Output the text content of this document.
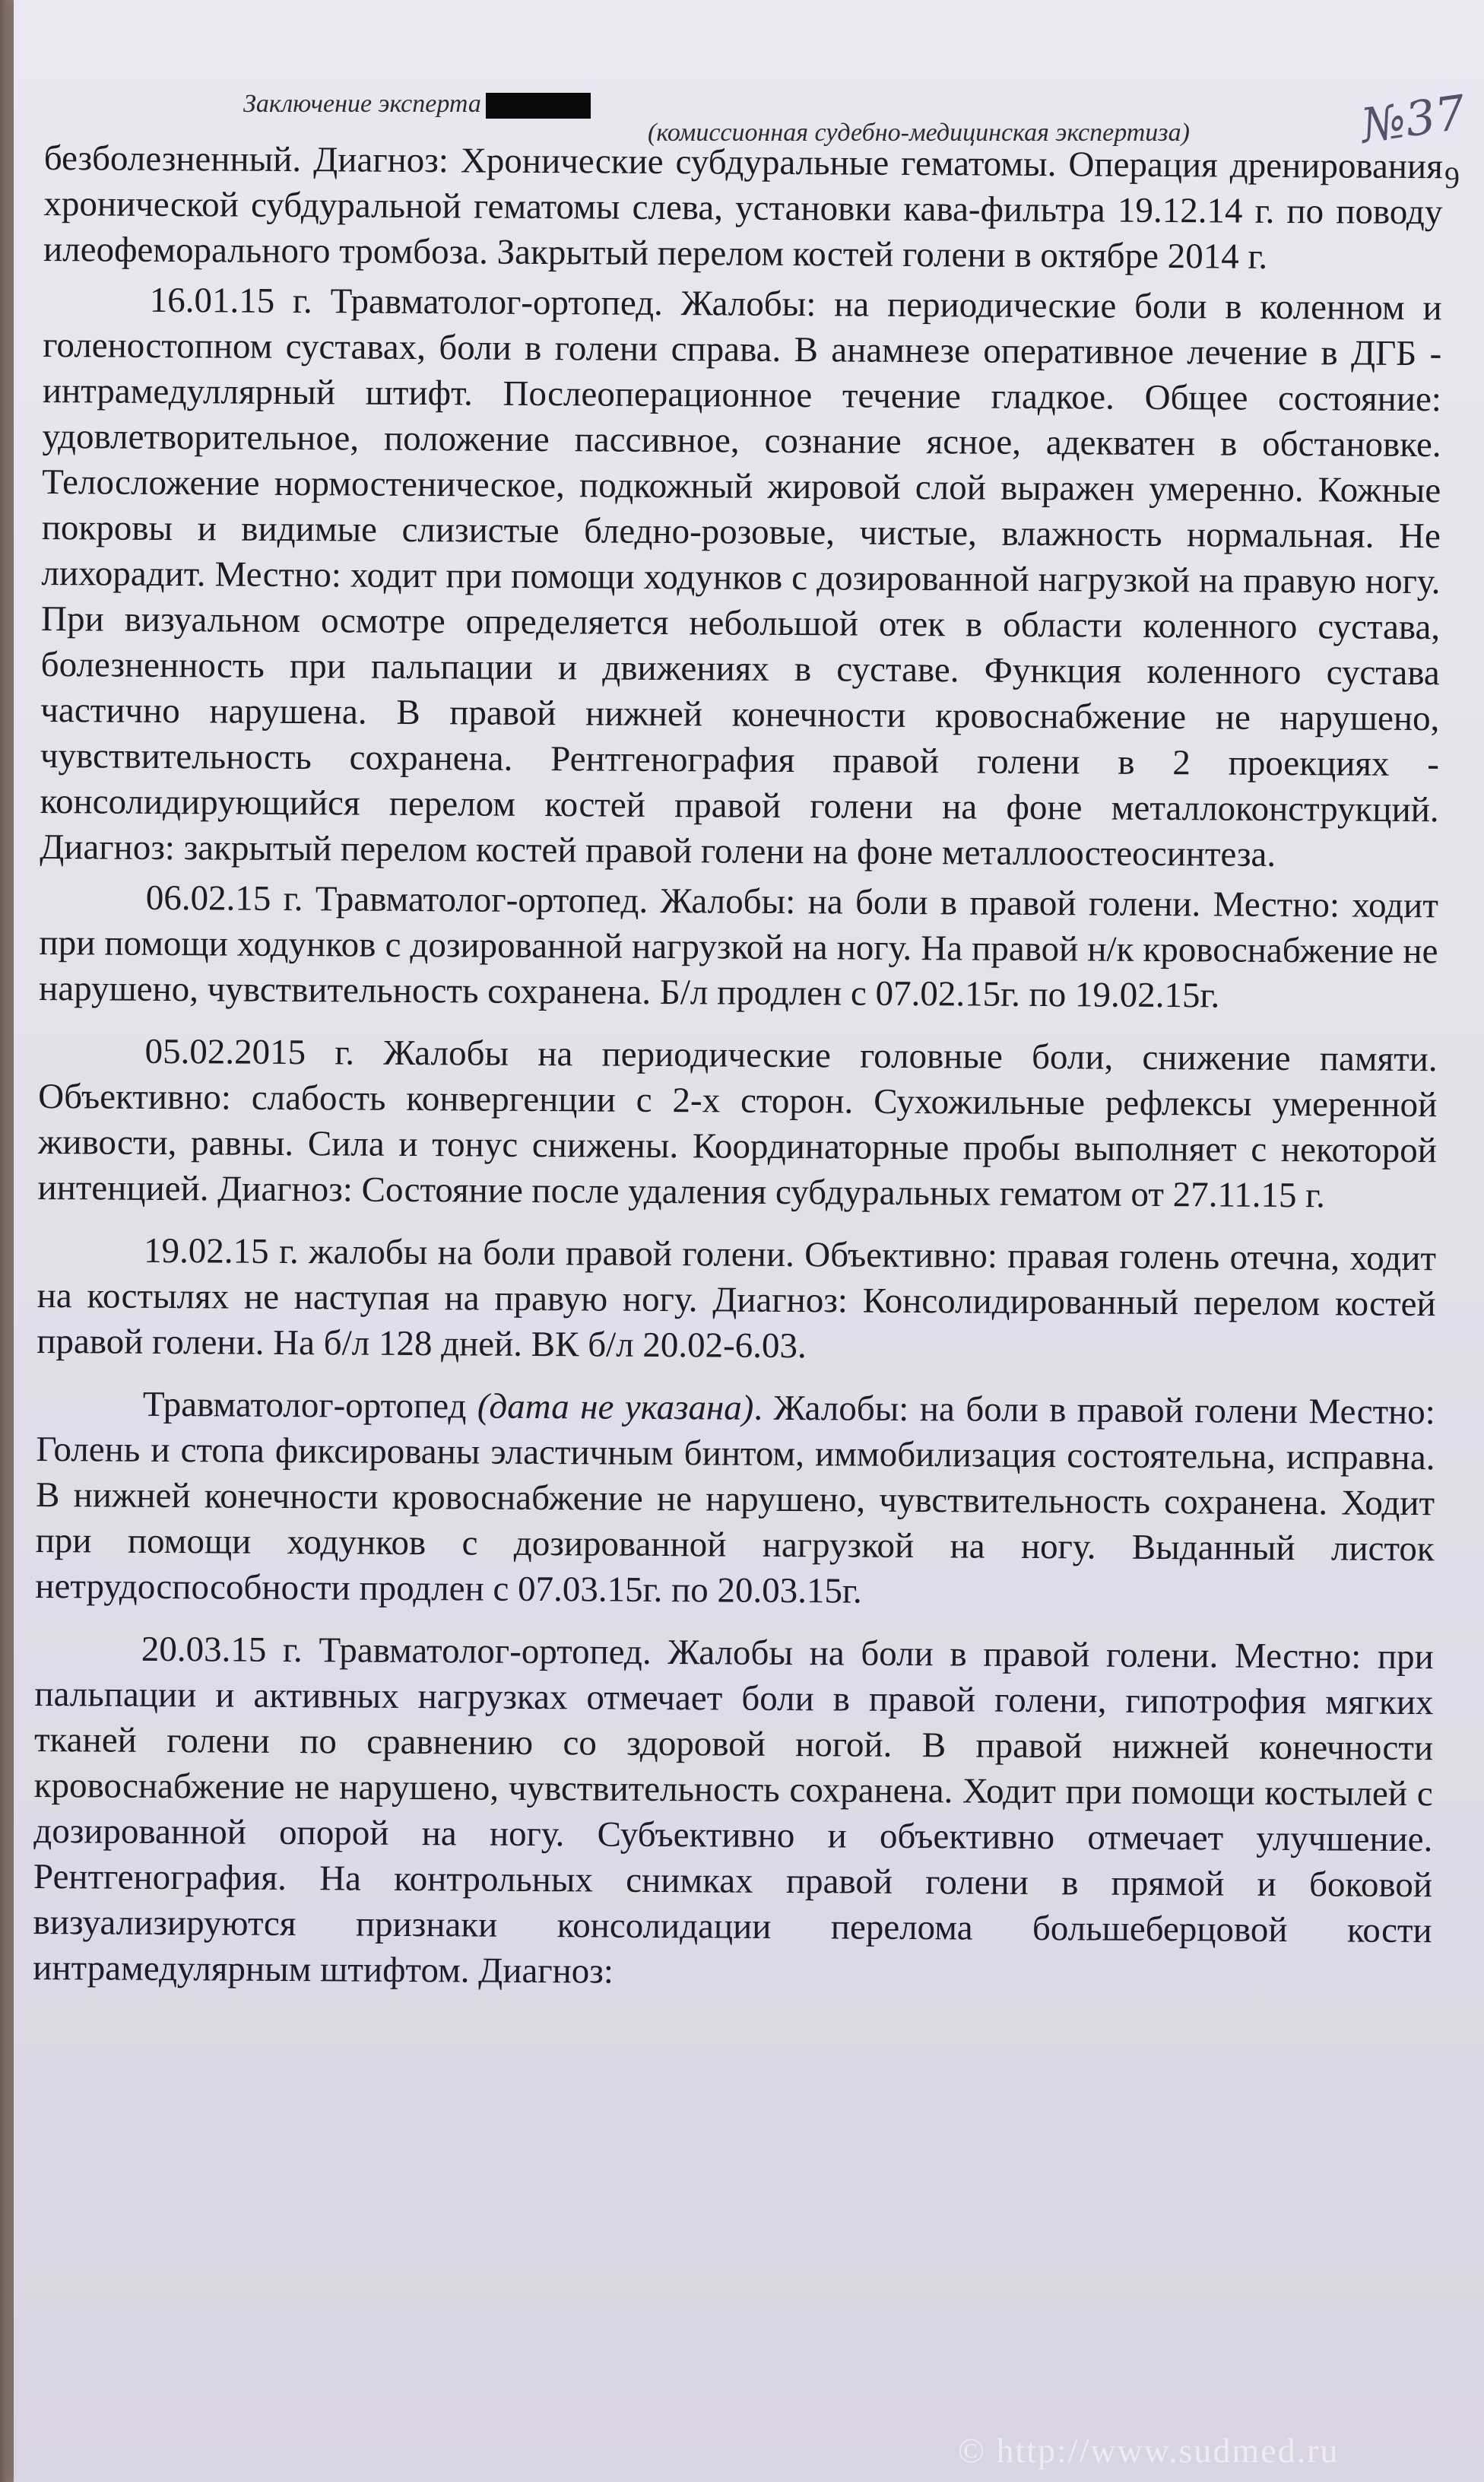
Заключение эксперта
(комиссионная судебно-медицинская экспертиза)	№37
9

безболезненный. Диагноз: Хронические субдуральные гематомы. Операция дренирования хронической субдуральной гематомы слева, установки кава-фильтра 19.12.14 г. по поводу илеофеморального тромбоза. Закрытый перелом костей голени в октябре 2014 г.

16.01.15 г. Травматолог-ортопед. Жалобы: на периодические боли в коленном и голеностопном суставах, боли в голени справа. В анамнезе оперативное лечение в ДГБ - интрамедуллярный штифт. Послеоперационное течение гладкое. Общее состояние: удовлетворительное, положение пассивное, сознание ясное, адекватен в обстановке. Телосложение нормостеническое, подкожный жировой слой выражен умеренно. Кожные покровы и видимые слизистые бледно-розовые, чистые, влажность нормальная. Не лихорадит. Местно: ходит при помощи ходунков с дозированной нагрузкой на правую ногу. При визуальном осмотре определяется небольшой отек в области коленного сустава, болезненность при пальпации и движениях в суставе. Функция коленного сустава частично нарушена. В правой нижней конечности кровоснабжение не нарушено, чувствительность сохранена. Рентгенография правой голени в 2 проекциях - консолидирующийся перелом костей правой голени на фоне металлоконструкций. Диагноз: закрытый перелом костей правой голени на фоне металлоостеосинтеза.

06.02.15 г. Травматолог-ортопед. Жалобы: на боли в правой голени. Местно: ходит при помощи ходунков с дозированной нагрузкой на ногу. На правой н/к кровоснабжение не нарушено, чувствительность сохранена. Б/л продлен с 07.02.15г. по 19.02.15г.

05.02.2015 г. Жалобы на периодические головные боли, снижение памяти. Объективно: слабость конвергенции с 2-х сторон. Сухожильные рефлексы умеренной живости, равны. Сила и тонус снижены. Координаторные пробы выполняет с некоторой интенцией. Диагноз: Состояние после удаления субдуральных гематом от 27.11.15 г.

19.02.15 г. жалобы на боли правой голени. Объективно: правая голень отечна, ходит на костылях не наступая на правую ногу. Диагноз: Консолидированный перелом костей правой голени. На б/л 128 дней. ВК б/л 20.02-6.03.

Травматолог-ортопед (дата не указана). Жалобы: на боли в правой голени Местно: Голень и стопа фиксированы эластичным бинтом, иммобилизация состоятельна, исправна. В нижней конечности кровоснабжение не нарушено, чувствительность сохранена. Ходит при помощи ходунков с дозированной нагрузкой на ногу. Выданный листок нетрудоспособности продлен с 07.03.15г. по 20.03.15г.

20.03.15 г. Травматолог-ортопед. Жалобы на боли в правой голени. Местно: при пальпации и активных нагрузках отмечает боли в правой голени, гипотрофия мягких тканей голени по сравнению со здоровой ногой. В правой нижней конечности кровоснабжение не нарушено, чувствительность сохранена. Ходит при помощи костылей с дозированной опорой на ногу. Субъективно и объективно отмечает улучшение. Рентгенография. На контрольных снимках правой голени в прямой и боковой визуализируются признаки консолидации перелома большеберцовой кости интрамедулярным штифтом. Диагноз:

© http://www.sudmed.ru
